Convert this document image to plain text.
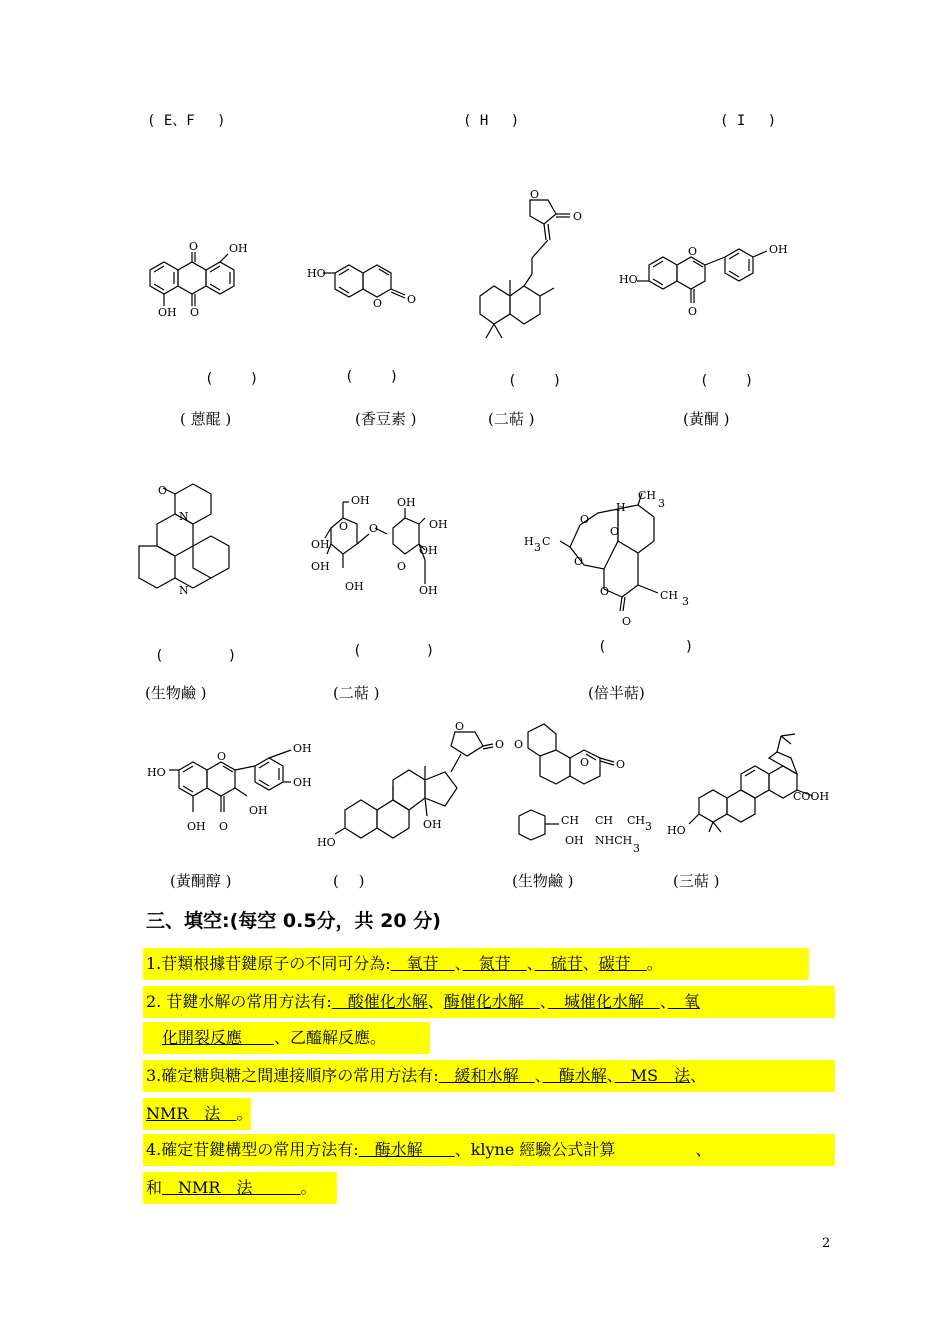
( E、F　 )	( H　 )	( I　 )
O	OH
OH O
HO
O O
O
O
HO
O
O
OH
(　　 )	(　　 )	(　　 )	(　　 )
( 蒽醌 )	(香豆素 )	(二萜 )	(黃酮 )
O
N
N
OH
O
OH
OH
OH
O
OH
OH
OH
O
OH
H
CH
3
H 3 C
O
O
O
O
O
CH 3
(　　　　 )	(　　　　 )	(　　　　　 )
(生物鹼 )	(二萜 )	(倍半萜)
OH
OH
HO
O
OH
OH O
O
O
OH
HO
O
O O
CH CH CH 3
OH NHCH
3
COOH
HO
(黃酮醇 )	(　 )	(生物鹼 )	(三萜 )
三、填空:(每空 0.5分，共 20 分)
1.苷類根據苷鍵原子の不同可分為:　氧苷　、　氮苷　、　硫苷、碳苷　。
2. 苷鍵水解の常用方法有:　酸催化水解、酶催化水解　、　堿催化水解　、　氧
　化開裂反應　　、乙醯解反應。
3.確定糖與糖之間連接順序の常用方法有:　緩和水解　、　酶水解、　MS　法、
NMR　法　。
4.確定苷鍵構型の常用方法有:　酶水解　　、klyne 經驗公式計算　　　　　、
和　NMR　法　　　。
2
